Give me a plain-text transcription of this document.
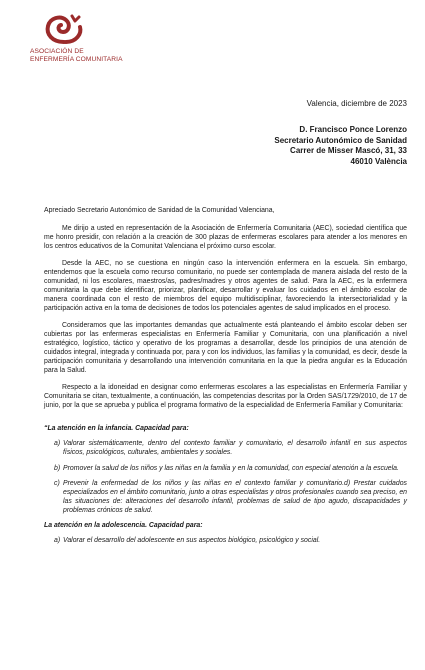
ASOCIACIÓN DE
ENFERMERÍA COMUNITARIA
Valencia, diciembre de 2023
D. Francisco Ponce Lorenzo
Secretario Autonómico de Sanidad
Carrer de Misser Mascó, 31, 33
46010 València

Apreciado Secretario Autonómico de Sanidad de la Comunidad Valenciana,

Me dirijo a usted en representación de la Asociación de Enfermería Comunitaria (AEC), sociedad científica que me honro presidir, con relación a la creación de 300 plazas de enfermeras escolares para atender a los menores en los centros educativos de la Comunitat Valenciana el próximo curso escolar.

Desde la AEC, no se cuestiona en ningún caso la intervención enfermera en la escuela. Sin embargo, entendemos que la escuela como recurso comunitario, no puede ser contemplada de manera aislada del resto de la comunidad, ni los escolares, maestros/as, padres/madres y otros agentes de salud. Para la AEC, es la enfermera comunitaria la que debe identificar, priorizar, planificar, desarrollar y evaluar los cuidados en el ámbito escolar de manera coordinada con el resto de miembros del equipo multidisciplinar, favoreciendo la intersectorialidad y la participación activa en la toma de decisiones de todos los potenciales agentes de salud implicados en el proceso.

Consideramos que las importantes demandas que actualmente está planteando el ámbito escolar deben ser cubiertas por las enfermeras especialistas en Enfermería Familiar y Comunitaria, con una planificación a nivel estratégico, logístico, táctico y operativo de los programas a desarrollar, desde los principios de una atención de cuidados integral, integrada y continuada por, para y con los individuos, las familias y la comunidad, es decir, desde la participación comunitaria y desarrollando una intervención comunitaria en la que la piedra angular es la Educación para la Salud.

Respecto a la idoneidad en designar como enfermeras escolares a las especialistas en Enfermería Familiar y Comunitaria se citan, textualmente, a continuación, las competencias descritas por la Orden SAS/1729/2010, de 17 de junio, por la que se aprueba y publica el programa formativo de la especialidad de Enfermería Familiar y Comunitaria:

“La atención en la infancia. Capacidad para:
a) Valorar sistemáticamente, dentro del contexto familiar y comunitario, el desarrollo infantil en sus aspectos físicos, psicológicos, culturales, ambientales y sociales.
b) Promover la salud de los niños y las niñas en la familia y en la comunidad, con especial atención a la escuela.
c) Prevenir la enfermedad de los niños y las niñas en el contexto familiar y comunitario.d) Prestar cuidados especializados en el ámbito comunitario, junto a otras especialistas y otros profesionales cuando sea preciso, en las situaciones de: alteraciones del desarrollo infantil, problemas de salud de tipo agudo, discapacidades y problemas crónicos de salud.
La atención en la adolescencia. Capacidad para:
a) Valorar el desarrollo del adolescente en sus aspectos biológico, psicológico y social.
